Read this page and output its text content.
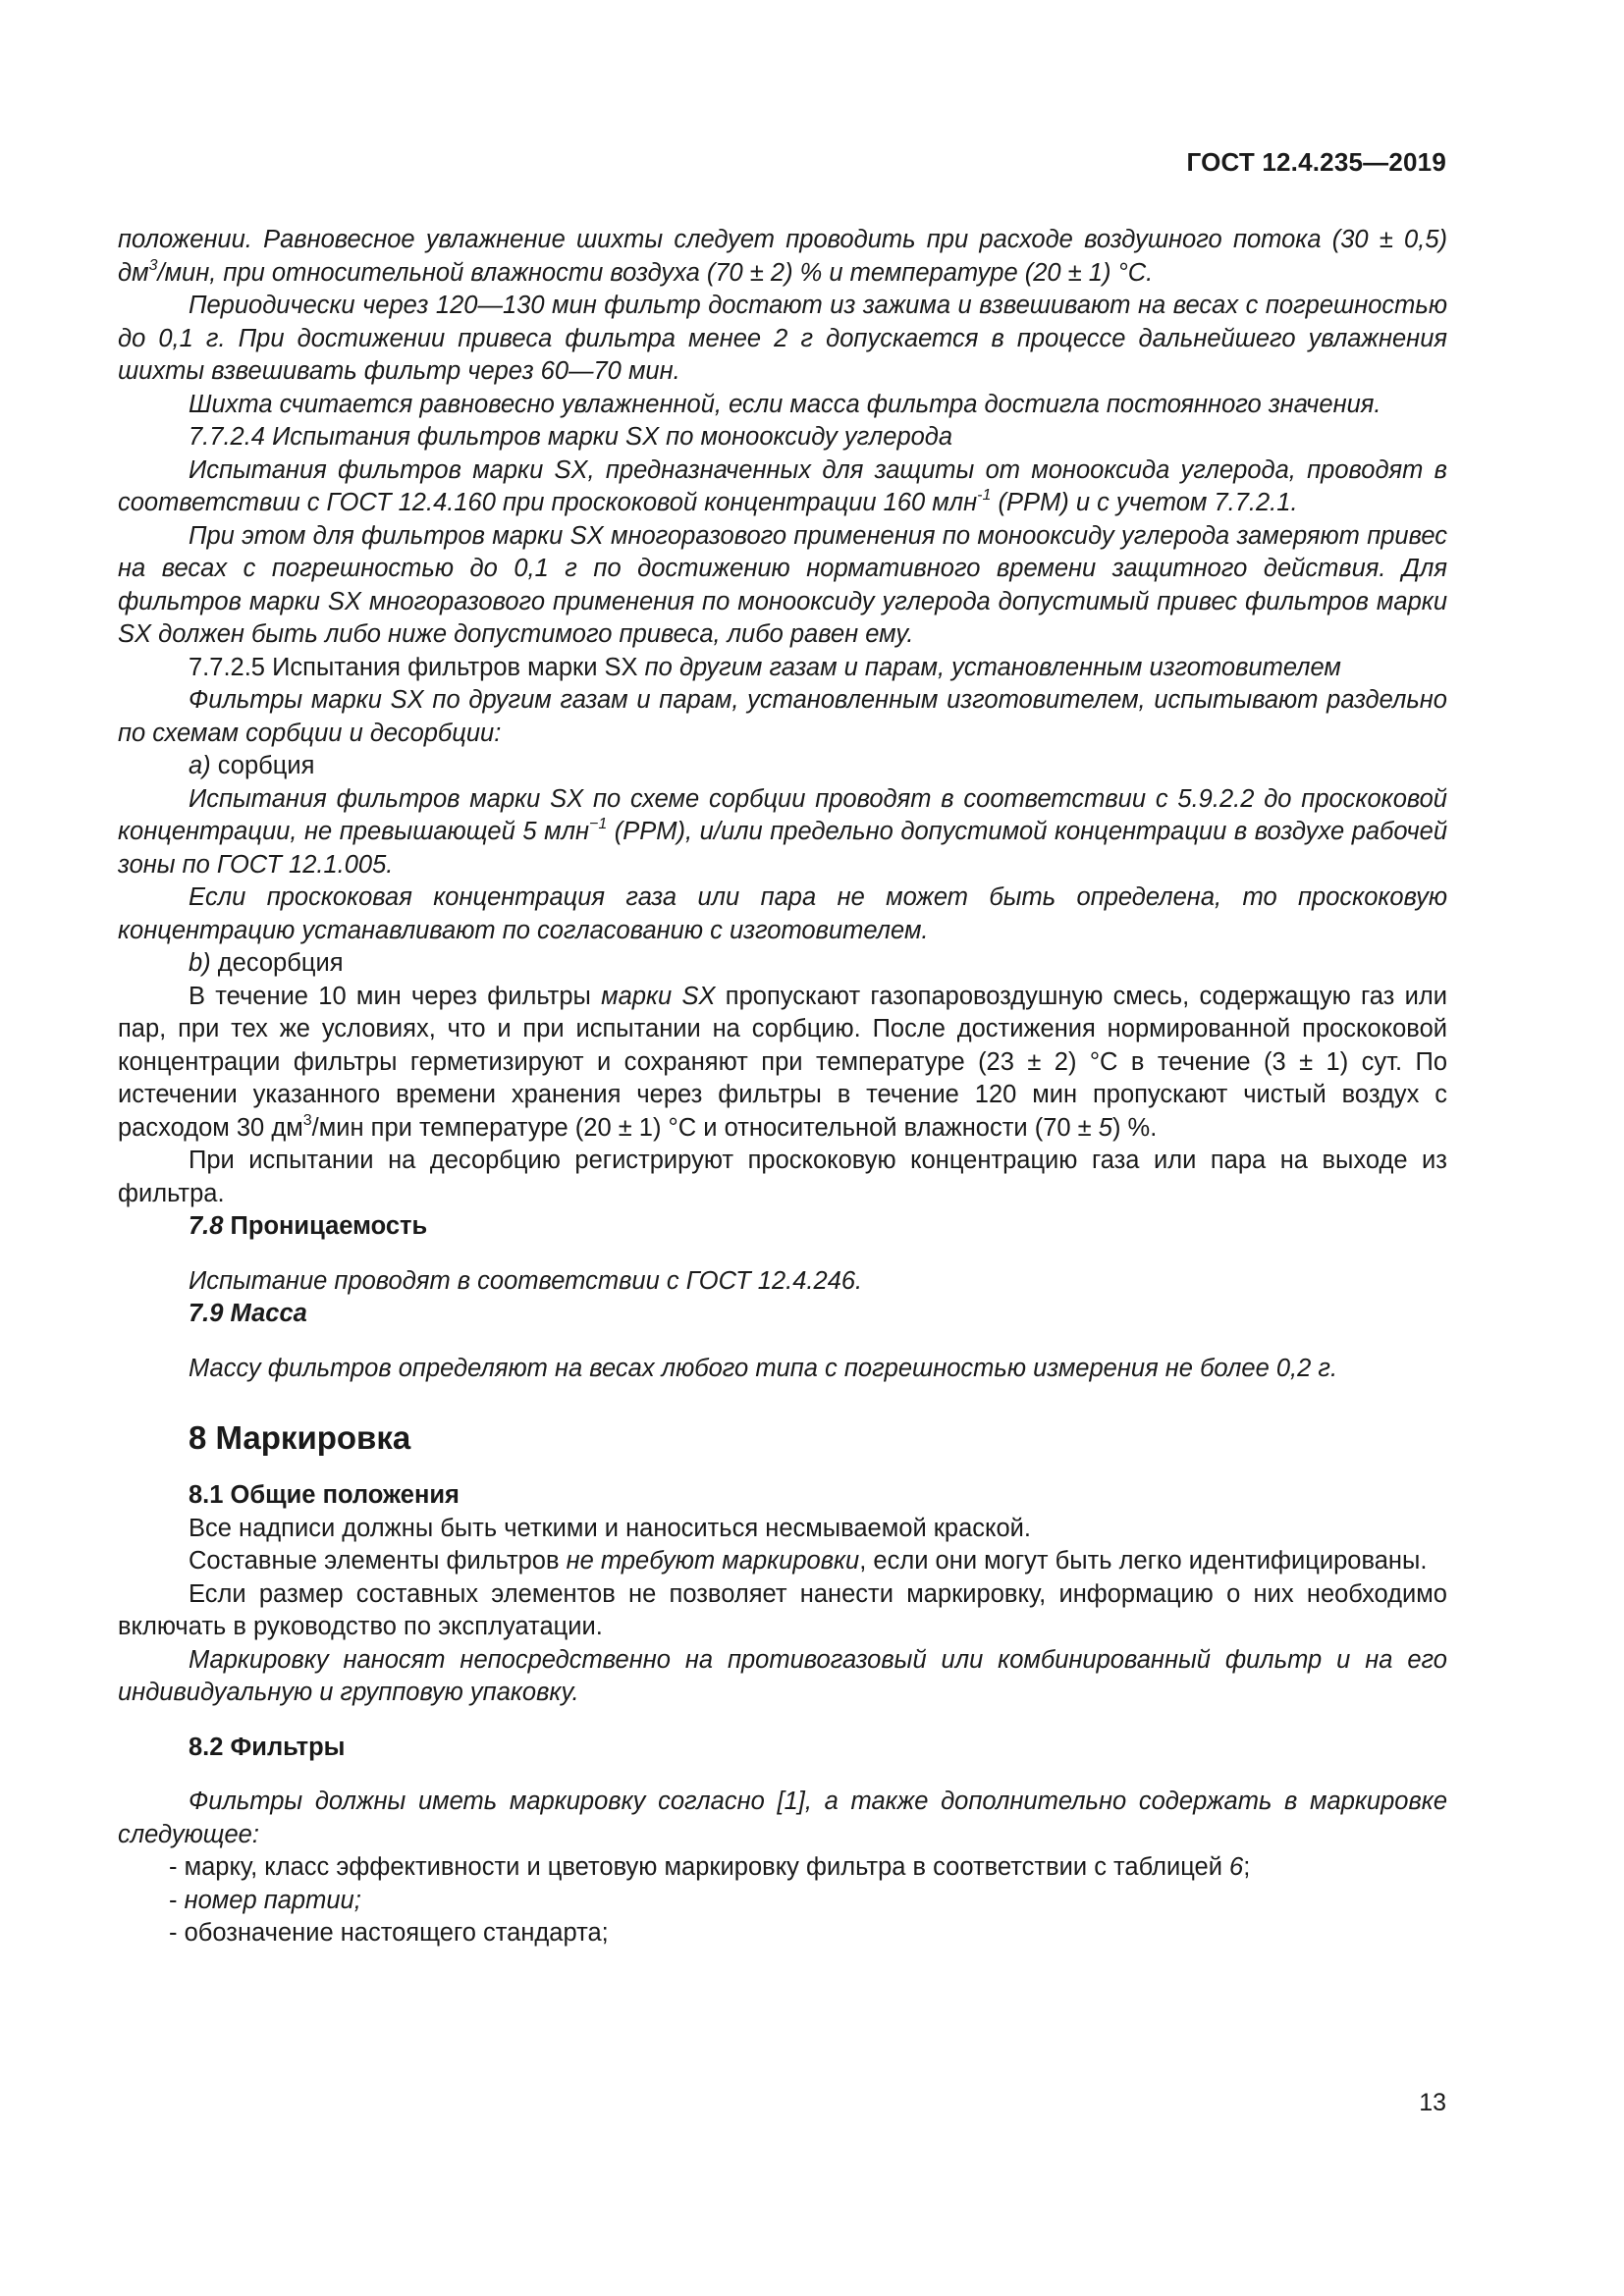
ГОСТ 12.4.235—2019

положении. Равновесное увлажнение шихты следует проводить при расходе воздушного потока (30 ± 0,5) $дм^3$/мин, при относительной влажности воздуха (70 ± 2) % и температуре (20 ± 1) °С.

Периодически через 120—130 мин фильтр достают из зажима и взвешивают на весах с погрешностью до 0,1 г. При достижении привеса фильтра менее 2 г допускается в процессе дальнейшего увлажнения шихты взвешивать фильтр через 60—70 мин.

Шихта считается равновесно увлажненной, если масса фильтра достигла постоянного значения.

7.7.2.4 Испытания фильтров марки SX по монооксиду углерода

Испытания фильтров марки SX, предназначенных для защиты от монооксида углерода, проводят в соответствии с ГОСТ 12.4.160 при проскоковой концентрации 160 млн$^{-1}$ (PPM) и с учетом 7.7.2.1.

При этом для фильтров марки SX многоразового применения по монооксиду углерода замеряют привес на весах с погрешностью до 0,1 г по достижению нормативного времени защитного действия. Для фильтров марки SX многоразового применения по монооксиду углерода допустимый привес фильтров марки SX должен быть либо ниже допустимого привеса, либо равен ему.

7.7.2.5 Испытания фильтров марки SX по другим газам и парам, установленным изготовителем

Фильтры марки SX по другим газам и парам, установленным изготовителем, испытывают раздельно по схемам сорбции и десорбции:

a) сорбция

Испытания фильтров марки SX по схеме сорбции проводят в соответствии с 5.9.2.2 до проскоковой концентрации, не превышающей 5 млн$^{-1}$ (PPM), и/или предельно допустимой концентрации в воздухе рабочей зоны по ГОСТ 12.1.005.

Если проскоковая концентрация газа или пара не может быть определена, то проскоковую концентрацию устанавливают по согласованию с изготовителем.

b) десорбция

В течение 10 мин через фильтры марки SX пропускают газопаровоздушную смесь, содержащую газ или пар, при тех же условиях, что и при испытании на сорбцию. После достижения нормированной проскоковой концентрации фильтры герметизируют и сохраняют при температуре (23 ± 2) °С в течение (3 ± 1) сут. По истечении указанного времени хранения через фильтры в течение 120 мин пропускают чистый воздух с расходом 30 $дм^3$/мин при температуре (20 ± 1) °С и относительной влажности (70 ± 5) %.

При испытании на десорбцию регистрируют проскоковую концентрацию газа или пара на выходе из фильтра.

7.8 Проницаемость

Испытание проводят в соответствии с ГОСТ 12.4.246.

7.9 Масса

Массу фильтров определяют на весах любого типа с погрешностью измерения не более 0,2 г.

8 Маркировка

8.1 Общие положения

Все надписи должны быть четкими и наноситься несмываемой краской.

Составные элементы фильтров не требуют маркировки, если они могут быть легко идентифицированы.

Если размер составных элементов не позволяет нанести маркировку, информацию о них необходимо включать в руководство по эксплуатации.

Маркировку наносят непосредственно на противогазовый или комбинированный фильтр и на его индивидуальную и групповую упаковку.

8.2 Фильтры

Фильтры должны иметь маркировку согласно [1], а также дополнительно содержать в маркировке следующее:

- марку, класс эффективности и цветовую маркировку фильтра в соответствии с таблицей 6;

- номер партии;

- обозначение настоящего стандарта;

13
